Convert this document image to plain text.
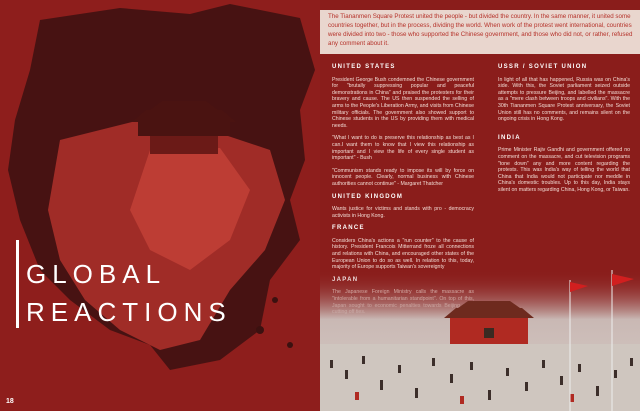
GLOBAL
REACTIONS
18
The Tiananmen Square Protest united the people - but divided the country. In the same manner, it united some countries together, but in the process, dividing the world. When work of the protest went international, countries were divided into two - those who supported the Chinese government, and those who did not, or rather, refused any comment about it.
UNITED STATES
President George Bush condemned the Chinese government for "brutally suppressing popular and peaceful demonstrations in China" and praised the protesters for their bravery and cause. The US then suspended the selling of arms to the People's Liberation Army, and visits from Chinese military officials. The government also showed support to Chinese students in the US by providing them with medical needs.
"What I want to do is preserve this relationship as best as I can.I want them to know that I view this relationship as important and I view the life of every single student as important" - Bush
"Communism stands ready to impose its will by force on innocent people. Clearly, normal business with Chinese authorities cannot continue" - Margaret Thatcher
UNITED KINGDOM
Wants justice for victims and stands with pro - democracy activists in Hong Kong.
FRANCE
Considers China's actions a "run counter" to the cause of history. President Francois Mitterrand froze all connections and relations with China, and encouraged other states of the European Union to do so as well. In relation to this, today, majority of Europe supports Taiwan's sovereignty
USSR / SOVIET UNION
In light of all that has happened, Russia was on China's side. With this, the Soviet parliament seized outside attempts to pressure Beijing, and labelled the massacre as a "mere clash between troops and civilians". With the 30th Tiananmen Square Protest anniversary, the Soviet Union still has no comments, and remains silent on the ongoing crisis in Hong Kong.
INDIA
Prime Minister Rajiv Gandhi and government offered no comment on the massacre, and cut television programs "tone down" any and more content regarding the protests. This was India's way of telling the world that China that India would not participate nor meddle in China's domestic troubles. Up to this day, India stays silent on matters regarding China, Hong Kong, or Taiwan.
